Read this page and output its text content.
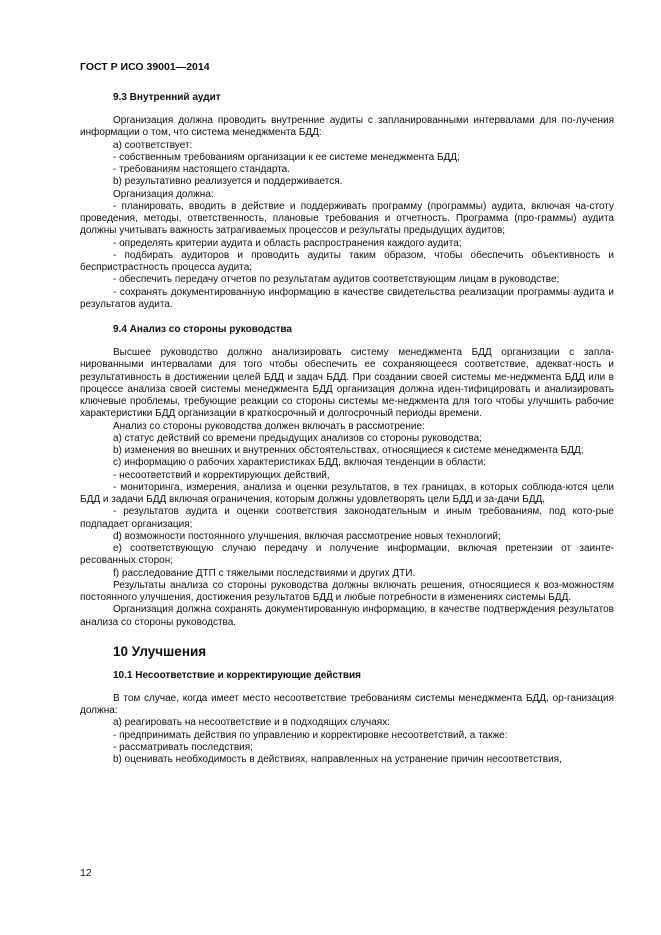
ГОСТ Р ИСО 39001—2014
9.3 Внутренний аудит

Организация должна проводить внутренние аудиты с запланированными интервалами для по-лучения информации о том, что система менеджмента БДД:

а) соответствует:

- собственным требованиям организации к ее системе менеджмента БДД;

- требованиям настоящего стандарта.

b) результативно реализуется и поддерживается.

Организация должна:

- планировать, вводить в действие и поддерживать программу (программы) аудита, включая ча-стоту проведения, методы, ответственность, плановые требования и отчетность. Программа (про-граммы) аудита должны учитывать важность затрагиваемых процессов и результаты предыдущих аудитов;

- определять критерии аудита и область распространения каждого аудита;

- подбирать аудиторов и проводить аудиты таким образом, чтобы обеспечить объективность и беспристрастность процесса аудита;

- обеспечить передачу отчетов по результатам аудитов соответствующим лицам в руководстве;

- сохранять документированную информацию в качестве свидетельства реализации программы аудита и результатов аудита.

9.4 Анализ со стороны руководства

Высшее руководство должно анализировать систему менеджмента БДД организации с запла-нированными интервалами для того чтобы обеспечить ее сохраняющееся соответствие, адекват-ность и результативность в достижении целей БДД и задач БДД. При создании своей системы ме-неджмента БДД или в процессе анализа своей системы менеджмента БДД организация должна иден-тифицировать и анализировать ключевые проблемы, требующие реакции со стороны системы ме-неджмента для того чтобы улучшить рабочие характеристики БДД организации в краткосрочный и долгосрочный периоды времени.

Анализ со стороны руководства должен включать в рассмотрение:

а) статус действий со времени предыдущих анализов со стороны руководства;

b) изменения во внешних и внутренних обстоятельствах, относящиеся к системе менеджмента БДД;

с) информацию о рабочих характеристиках БДД, включая тенденции в области:

- несоответствий и корректирующих действий,

- мониторинга, измерения, анализа и оценки результатов, в тех границах, в которых соблюда-ются цели БДД и задачи БДД включая ограничения, которым должны удовлетворять цели БДД и за-дачи БДД,

- результатов аудита и оценки соответствия законодательным и иным требованиям, под кото-рые подпадает организация;

d) возможности постоянного улучшения, включая рассмотрение новых технологий;

e) соответствующую случаю передачу и получение информации, включая претензии от заинте-ресованных сторон;

f) расследование ДТП с тяжелыми последствиями и других ДТИ.

Результаты анализа со стороны руководства должны включать решения, относящиеся к воз-можностям постоянного улучшения, достижения результатов БДД и любые потребности в изменениях системы БДД.

Организация должна сохранять документированную информацию, в качестве подтверждения результатов анализа со стороны руководства.

10 Улучшения
10.1 Несоответствие и корректирующие действия

В том случае, когда имеет место несоответствие требованиям системы менеджмента БДД, ор-ганизация должна:

а) реагировать на несоответствие и в подходящих случаях:

- предпринимать действия по управлению и корректировке несоответствий, а также:

- рассматривать последствия;

b) оценивать необходимость в действиях, направленных на устранение причин несоответствия,

12
